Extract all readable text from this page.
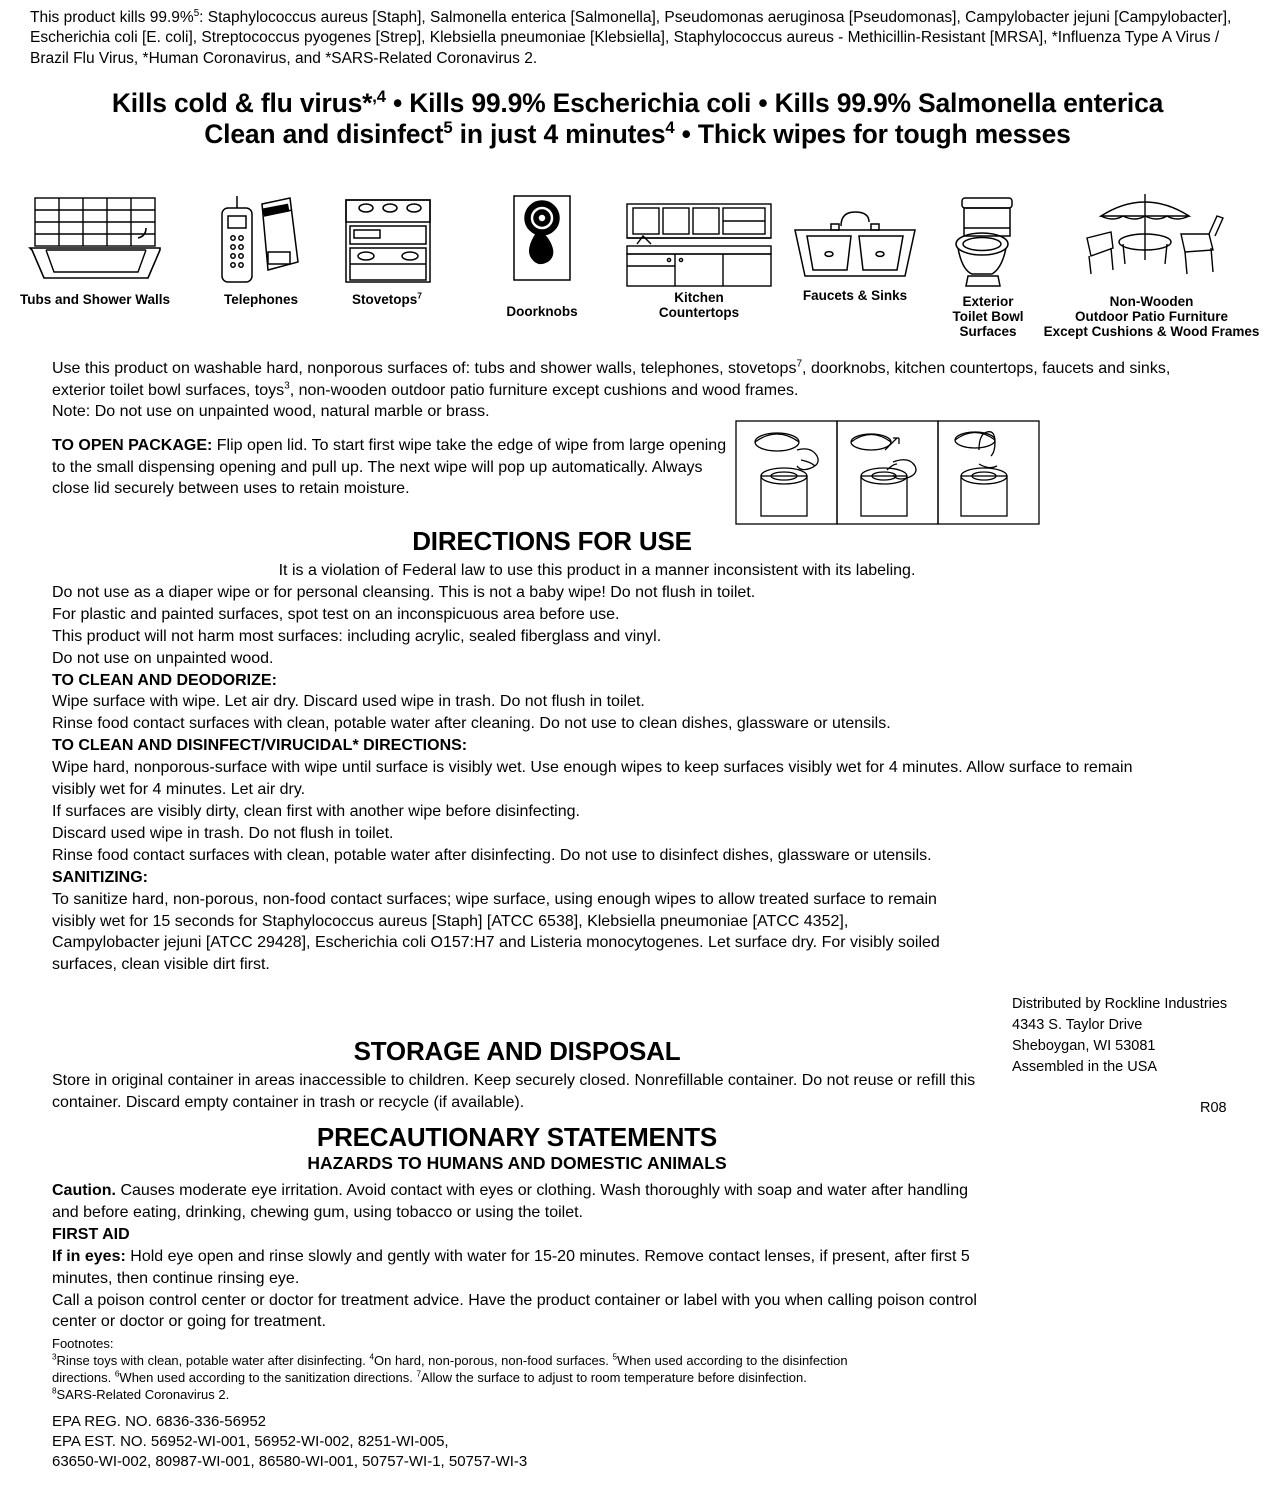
This product kills 99.9%$^5$: Staphylococcus aureus [Staph], Salmonella enterica [Salmonella], Pseudomonas aeruginosa [Pseudomonas], Campylobacter jejuni [Campylobacter], Escherichia coli [E. coli], Streptococcus pyogenes [Strep], Klebsiella pneumoniae [Klebsiella], Staphylococcus aureus - Methicillin-Resistant [MRSA], *Influenza Type A Virus / Brazil Flu Virus, *Human Coronavirus, and *SARS-Related Coronavirus 2.
Kills cold & flu virus*$^{,4}$ • Kills 99.9% Escherichia coli • Kills 99.9% Salmonella enterica
Clean and disinfect$^5$ in just 4 minutes$^4$ • Thick wipes for tough messes
Tubs and Shower Walls	Telephones	Stovetops$^7$
Doorknobs
Kitchen
Countertops
Faucets & Sinks	Exterior
Toilet Bowl
Surfaces
Non-Wooden
Outdoor Patio Furniture
Except Cushions & Wood Frames
Use this product on washable hard, nonporous surfaces of: tubs and shower walls, telephones, stovetops$^7$, doorknobs, kitchen countertops, faucets and sinks, exterior toilet bowl surfaces, toys$^3$, non-wooden outdoor patio furniture except cushions and wood frames.
Note: Do not use on unpainted wood, natural marble or brass.
TO OPEN PACKAGE: Flip open lid. To start first wipe take the edge of wipe from large opening to the small dispensing opening and pull up. The next wipe will pop up automatically. Always close lid securely between uses to retain moisture.
DIRECTIONS FOR USE
It is a violation of Federal law to use this product in a manner inconsistent with its labeling.
Do not use as a diaper wipe or for personal cleansing. This is not a baby wipe! Do not flush in toilet.
For plastic and painted surfaces, spot test on an inconspicuous area before use.
This product will not harm most surfaces: including acrylic, sealed fiberglass and vinyl.
Do not use on unpainted wood.
TO CLEAN AND DEODORIZE:
Wipe surface with wipe. Let air dry. Discard used wipe in trash. Do not flush in toilet.
Rinse food contact surfaces with clean, potable water after cleaning. Do not use to clean dishes, glassware or utensils.
TO CLEAN AND DISINFECT/VIRUCIDAL* DIRECTIONS:
Wipe hard, nonporous-surface with wipe until surface is visibly wet. Use enough wipes to keep surfaces visibly wet for 4 minutes. Allow surface to remain visibly wet for 4 minutes. Let air dry.
If surfaces are visibly dirty, clean first with another wipe before disinfecting.
Discard used wipe in trash. Do not flush in toilet.
Rinse food contact surfaces with clean, potable water after disinfecting. Do not use to disinfect dishes, glassware or utensils.
SANITIZING:
To sanitize hard, non-porous, non-food contact surfaces; wipe surface, using enough wipes to allow treated surface to remain visibly wet for 15 seconds for Staphylococcus aureus [Staph] [ATCC 6538], Klebsiella pneumoniae [ATCC 4352], Campylobacter jejuni [ATCC 29428], Escherichia coli O157:H7 and Listeria monocytogenes. Let surface dry. For visibly soiled surfaces, clean visible dirt first.
Distributed by Rockline Industries
4343 S. Taylor Drive
Sheboygan, WI 53081
Assembled in the USA
R08
STORAGE AND DISPOSAL
Store in original container in areas inaccessible to children. Keep securely closed. Nonrefillable container. Do not reuse or refill this container. Discard empty container in trash or recycle (if available).
PRECAUTIONARY STATEMENTS
HAZARDS TO HUMANS AND DOMESTIC ANIMALS
Caution. Causes moderate eye irritation. Avoid contact with eyes or clothing. Wash thoroughly with soap and water after handling and before eating, drinking, chewing gum, using tobacco or using the toilet.
FIRST AID
If in eyes: Hold eye open and rinse slowly and gently with water for 15-20 minutes. Remove contact lenses, if present, after first 5 minutes, then continue rinsing eye.
Call a poison control center or doctor for treatment advice. Have the product container or label with you when calling poison control center or doctor or going for treatment.
Footnotes:
$^3$Rinse toys with clean, potable water after disinfecting. $^4$On hard, non-porous, non-food surfaces. $^5$When used according to the disinfection
directions. $^6$When used according to the sanitization directions. $^7$Allow the surface to adjust to room temperature before disinfection.
$^8$SARS-Related Coronavirus 2.
EPA REG. NO. 6836-336-56952
EPA EST. NO. 56952-WI-001, 56952-WI-002, 8251-WI-005,
63650-WI-002, 80987-WI-001, 86580-WI-001, 50757-WI-1, 50757-WI-3
